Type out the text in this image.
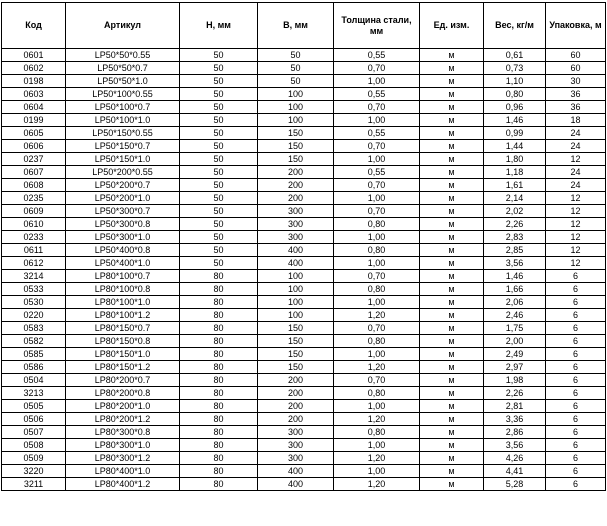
Код	Артикул	Н, мм	В, мм	Толщина стали, мм	Ед. изм.	Вес, кг/м	Упаковка, м
0601	LP50*50*0.55	50	50	0,55	м	0,61	60
0602	LP50*50*0.7	50	50	0,70	м	0,73	60
0198	LP50*50*1.0	50	50	1,00	м	1,10	30
0603	LP50*100*0.55	50	100	0,55	м	0,80	36
0604	LP50*100*0.7	50	100	0,70	м	0,96	36
0199	LP50*100*1.0	50	100	1,00	м	1,46	18
0605	LP50*150*0.55	50	150	0,55	м	0,99	24
0606	LP50*150*0.7	50	150	0,70	м	1,44	24
0237	LP50*150*1.0	50	150	1,00	м	1,80	12
0607	LP50*200*0.55	50	200	0,55	м	1,18	24
0608	LP50*200*0.7	50	200	0,70	м	1,61	24
0235	LP50*200*1.0	50	200	1,00	м	2,14	12
0609	LP50*300*0.7	50	300	0,70	м	2,02	12
0610	LP50*300*0.8	50	300	0,80	м	2,26	12
0233	LP50*300*1.0	50	300	1,00	м	2,83	12
0611	LP50*400*0.8	50	400	0,80	м	2,85	12
0612	LP50*400*1.0	50	400	1,00	м	3,56	12
3214	LP80*100*0.7	80	100	0,70	м	1,46	6
0533	LP80*100*0.8	80	100	0,80	м	1,66	6
0530	LP80*100*1.0	80	100	1,00	м	2,06	6
0220	LP80*100*1.2	80	100	1,20	м	2,46	6
0583	LP80*150*0.7	80	150	0,70	м	1,75	6
0582	LP80*150*0.8	80	150	0,80	м	2,00	6
0585	LP80*150*1.0	80	150	1,00	м	2,49	6
0586	LP80*150*1.2	80	150	1,20	м	2,97	6
0504	LP80*200*0.7	80	200	0,70	м	1,98	6
3213	LP80*200*0.8	80	200	0,80	м	2,26	6
0505	LP80*200*1.0	80	200	1,00	м	2,81	6
0506	LP80*200*1.2	80	200	1,20	м	3,36	6
0507	LP80*300*0.8	80	300	0,80	м	2,86	6
0508	LP80*300*1.0	80	300	1,00	м	3,56	6
0509	LP80*300*1.2	80	300	1,20	м	4,26	6
3220	LP80*400*1.0	80	400	1,00	м	4,41	6
3211	LP80*400*1.2	80	400	1,20	м	5,28	6
